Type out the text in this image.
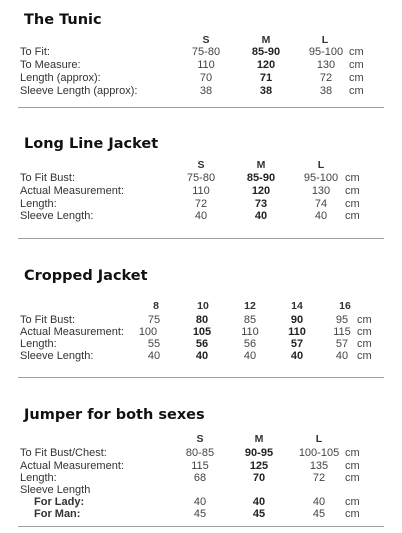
The Tunic
S	M	L
To Fit:	75-80	85-90	95-100 cm
To Measure:	110	120	130	cm
Length (approx):	70	71	72	cm
Sleeve Length (approx):	38	38	38	cm
Long Line Jacket
S	M	L
To Fit Bust:	75-80	85-90	95-100 cm
Actual Measurement:	110	120	130	cm
Length:	72	73	74	cm
Sleeve Length:	40	40	40	cm
Cropped Jacket
8	10	12	14	16
To Fit Bust:	75	80	85	90	95 cm
Actual Measurement:	100	105	110	110	115 cm
Length:	55	56	56	57	57 cm
Sleeve Length:	40	40	40	40	40 cm
Jumper for both sexes
S	M	L
To Fit Bust/Chest:	80-85	90-95	100-105 cm
Actual Measurement:	115	125	135	cm
Length:	68	70	72	cm
Sleeve Length
For Lady:	40	40	40	cm
For Man:	45	45	45	cm
